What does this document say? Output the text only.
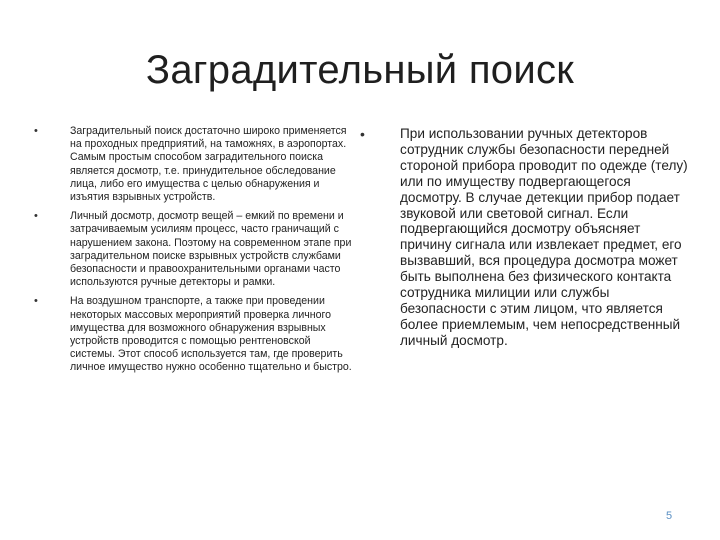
Заградительный поиск
•	Заградительный поиск достаточно широко применяется на проходных предприятий, на таможнях, в аэропортах. Самым простым способом заградительного поиска является досмотр, т.е. принудительное обследование лица, либо его имущества с целью обнаружения и изъятия взрывных устройств.
•	Личный досмотр, досмотр вещей – емкий по времени и затрачиваемым усилиям процесс, часто граничащий с нарушением закона. Поэтому на современном этапе при заградительном поиске взрывных устройств службами безопасности и правоохранительными органами часто используются ручные детекторы и рамки.
•	На воздушном транспорте, а также при проведении некоторых массовых мероприятий проверка личного имущества для возможного обнаружения взрывных устройств проводится с помощью рентгеновской системы. Этот способ используется там, где проверить личное имущество нужно особенно тщательно и быстро.
•	При использовании ручных детекторов сотрудник службы безопасности передней стороной прибора проводит по одежде (телу) или по имуществу подвергающегося досмотру. В случае детекции прибор подает звуковой или световой сигнал. Если подвергающийся досмотру объясняет причину сигнала или извлекает предмет, его вызвавший, вся процедура досмотра может быть выполнена без физического контакта сотрудника милиции или службы безопасности с этим лицом, что является более приемлемым, чем непосредственный личный досмотр.
5
